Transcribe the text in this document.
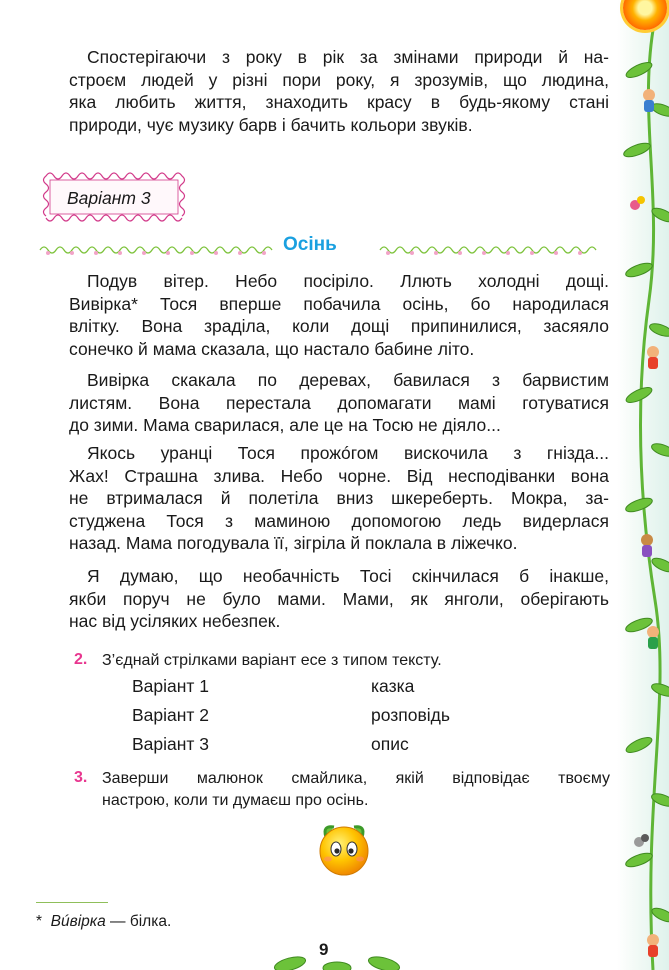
Спостерігаючи з року в рік за змінами природи й на-
строєм людей у різні пори року, я зрозумів, що людина,
яка любить життя, знаходить красу в будь-якому стані
природи, чує музику барв і бачить кольори звуків.

Варіант 3
Осінь

Подув вітер. Небо посіріло. Ллють холодні дощі.
Вивірка* Тося вперше побачила осінь, бо народилася
влітку. Вона зраділа, коли дощі припинилися, засяяло
сонечко й мама сказала, що настало бабине літо.

Вивірка скакала по деревах, бавилася з барвистим
листям. Вона перестала допомагати мамі готуватися
до зими. Мама сварилася, але це на Тосю не діяло...

Якось уранці Тося прожóгом вискочила з гнізда...
Жах! Страшна злива. Небо чорне. Від несподіванки вона
не втрималася й полетіла вниз шкереберть. Мокра, за-
студжена Тося з маминою допомогою ледь видерлася
назад. Мама погодувала її, зігріла й поклала в ліжечко.

Я думаю, що необачність Тосі скінчилася б інакше,
якби поруч не було мами. Мами, як янголи, оберігають
нас від усіляких небезпек.

2. З’єднай стрілками варіант есе з типом тексту.

Варіант 1
Варіант 2
Варіант 3
казка
розповідь
опис
3. Заверши малюнок смайлика, якій відповідає твоєму

настрою, коли ти думаєш про осінь.

* Вúвірка — білка.
9
